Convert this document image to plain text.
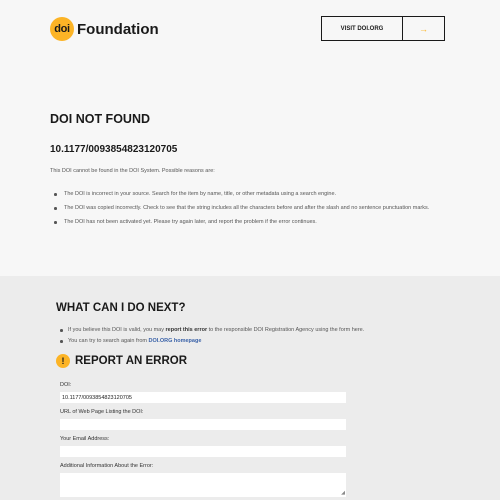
doi Foundation	VISIT DOI.ORG	→
DOI NOT FOUND
10.1177/0093854823120705
This DOI cannot be found in the DOI System. Possible reasons are:
The DOI is incorrect in your source. Search for the item by name, title, or other metadata using a search engine.
The DOI was copied incorrectly. Check to see that the string includes all the characters before and after the slash and no sentence punctuation marks.
The DOI has not been activated yet. Please try again later, and report the problem if the error continues.
WHAT CAN I DO NEXT?
If you believe this DOI is valid, you may report this error to the responsible DOI Registration Agency using the form here.
You can try to search again from DOI.ORG homepage
! REPORT AN ERROR
DOI:
10.1177/0093854823120705
URL of Web Page Listing the DOI:
Your Email Address:
Additional Information About the Error:
◢
